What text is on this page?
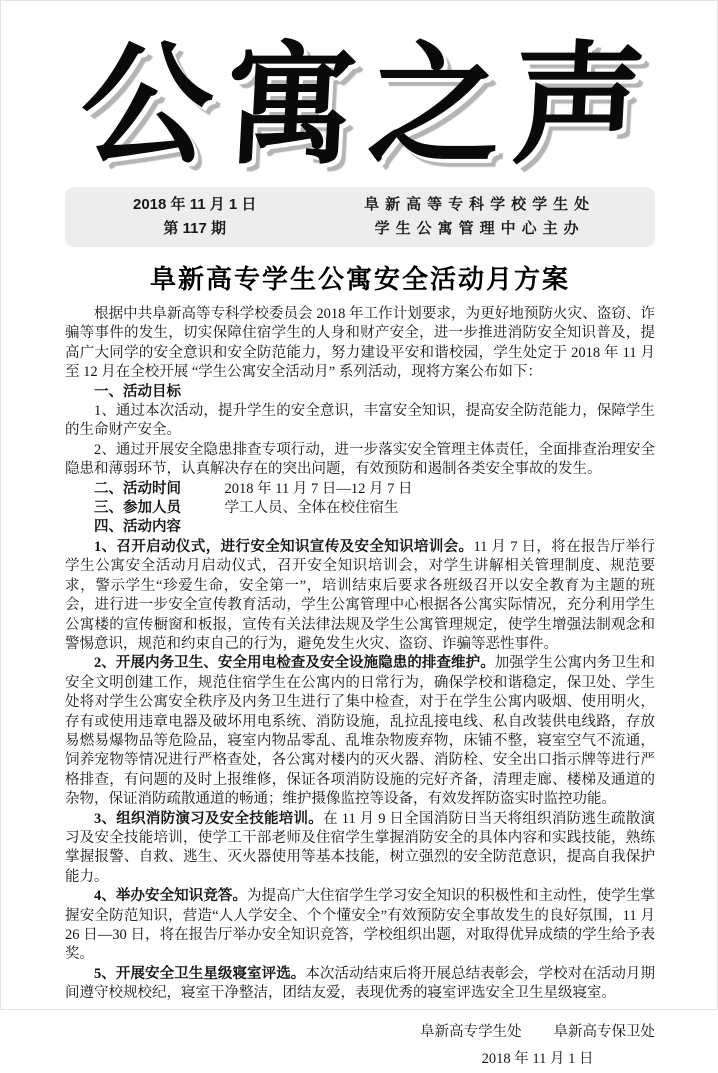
公 寓 之 声
2018 年 11 月 1 日
第 117 期
阜新高等专科学校学生处
学生公寓管理中心主办
阜新高专学生公寓安全活动月方案

根据中共阜新高等专科学校委员会 2018 年工作计划要求，为更好地预防火灾、盗窃、诈骗等事件的发生，切实保障住宿学生的人身和财产安全，进一步推进消防安全知识普及，提高广大同学的安全意识和安全防范能力，努力建设平安和谐校园，学生处定于 2018 年 11 月至 12 月在全校开展 “学生公寓安全活动月” 系列活动，现将方案公布如下：

一、活动目标

1、通过本次活动，提升学生的安全意识，丰富安全知识，提高安全防范能力，保障学生的生命财产安全。

2、通过开展安全隐患排查专项行动，进一步落实安全管理主体责任，全面排查治理安全隐患和薄弱环节，认真解决存在的突出问题，有效预防和遏制各类安全事故的发生。

二、活动时间	2018 年 11 月 7 日—12 月 7 日

三、参加人员	学工人员、全体在校住宿生

四、活动内容

1、召开启动仪式，进行安全知识宣传及安全知识培训会。11 月 7 日，将在报告厅举行学生公寓安全活动月启动仪式，召开安全知识培训会，对学生讲解相关管理制度、规范要求，警示学生“珍爱生命，安全第一”，培训结束后要求各班级召开以安全教育为主题的班会，进行进一步安全宣传教育活动，学生公寓管理中心根据各公寓实际情况，充分利用学生公寓楼的宣传橱窗和板报，宣传有关法律法规及学生公寓管理规定，使学生增强法制观念和警惕意识，规范和约束自己的行为，避免发生火灾、盗窃、诈骗等恶性事件。

2、开展内务卫生、安全用电检查及安全设施隐患的排查维护。加强学生公寓内务卫生和安全文明创建工作，规范住宿学生在公寓内的日常行为，确保学校和谐稳定，保卫处、学生处将对学生公寓安全秩序及内务卫生进行了集中检查，对于在学生公寓内吸烟、使用明火，存有或使用违章电器及破坏用电系统、消防设施，乱拉乱接电线、私自改装供电线路，存放易燃易爆物品等危险品，寝室内物品零乱、乱堆杂物废弃物，床铺不整，寝室空气不流通，饲养宠物等情况进行严格查处，各公寓对楼内的灭火器、消防栓、安全出口指示牌等进行严格排查，有问题的及时上报维修，保证各项消防设施的完好齐备，清理走廊、楼梯及通道的杂物，保证消防疏散通道的畅通；维护摄像监控等设备，有效发挥防盗实时监控功能。

3、组织消防演习及安全技能培训。在 11 月 9 日全国消防日当天将组织消防逃生疏散演习及安全技能培训，使学工干部老师及住宿学生掌握消防安全的具体内容和实践技能，熟练掌握报警、自救、逃生、灭火器使用等基本技能，树立强烈的安全防范意识，提高自我保护能力。

4、举办安全知识竞答。为提高广大住宿学生学习安全知识的积极性和主动性，使学生掌握安全防范知识，营造“人人学安全、个个懂安全”有效预防安全事故发生的良好氛围，11 月 26 日—30 日，将在报告厅举办安全知识竞答，学校组织出题，对取得优异成绩的学生给予表奖。

5、开展安全卫生星级寝室评选。本次活动结束后将开展总结表彰会，学校对在活动月期间遵守校规校纪，寝室干净整洁，团结友爱，表现优秀的寝室评选安全卫生星级寝室。

阜新高专学生处 阜新高专保卫处
2018 年 11 月 1 日
